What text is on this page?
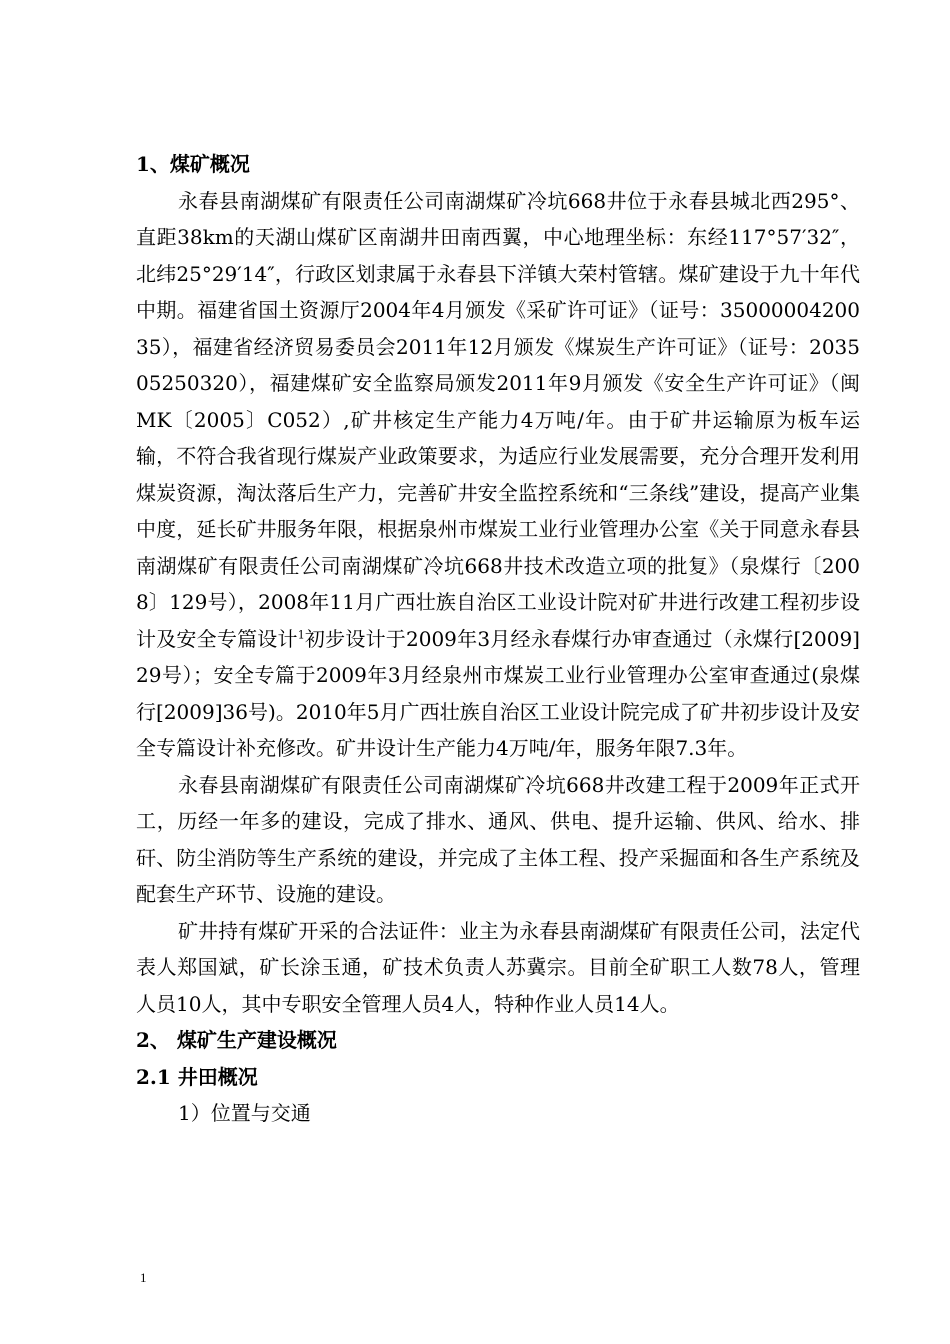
1、煤矿概况

永春县南湖煤矿有限责任公司南湖煤矿冷坑668井位于永春县城北西295°、直距38km的天湖山煤矿区南湖井田南西翼，中心地理坐标：东经117°57′32″，北纬25°29′14″，行政区划隶属于永春县下洋镇大荣村管辖。煤矿建设于九十年代中期。福建省国土资源厅2004年4月颁发《采矿许可证》（证号：3500000420035），福建省经济贸易委员会2011年12月颁发《煤炭生产许可证》（证号：203505250320），福建煤矿安全监察局颁发2011年9月颁发《安全生产许可证》（闽MK〔2005〕C052）,矿井核定生产能力4万吨/年。由于矿井运输原为板车运输，不符合我省现行煤炭产业政策要求，为适应行业发展需要，充分合理开发利用煤炭资源，淘汰落后生产力，完善矿井安全监控系统和“三条线”建设，提高产业集中度，延长矿井服务年限，根据泉州市煤炭工业行业管理办公室《关于同意永春县南湖煤矿有限责任公司南湖煤矿冷坑668井技术改造立项的批复》（泉煤行〔2008〕129号），2008年11月广西壮族自治区工业设计院对矿井进行改建工程初步设计及安全专篇设计$^1$初步设计于2009年3月经永春煤行办审查通过（永煤行[2009]29号）；安全专篇于2009年3月经泉州市煤炭工业行业管理办公室审查通过(泉煤行[2009]36号)。2010年5月广西壮族自治区工业设计院完成了矿井初步设计及安全专篇设计补充修改。矿井设计生产能力4万吨/年，服务年限7.3年。

永春县南湖煤矿有限责任公司南湖煤矿冷坑668井改建工程于2009年正式开工，历经一年多的建设，完成了排水、通风、供电、提升运输、供风、给水、排矸、防尘消防等生产系统的建设，并完成了主体工程、投产采掘面和各生产系统及配套生产环节、设施的建设。

矿井持有煤矿开采的合法证件：业主为永春县南湖煤矿有限责任公司，法定代表人郑国斌，矿长涂玉通，矿技术负责人苏冀宗。目前全矿职工人数78人，管理人员10人，其中专职安全管理人员4人，特种作业人员14人。

2、 煤矿生产建设概况

2.1 井田概况

1）位置与交通

1
